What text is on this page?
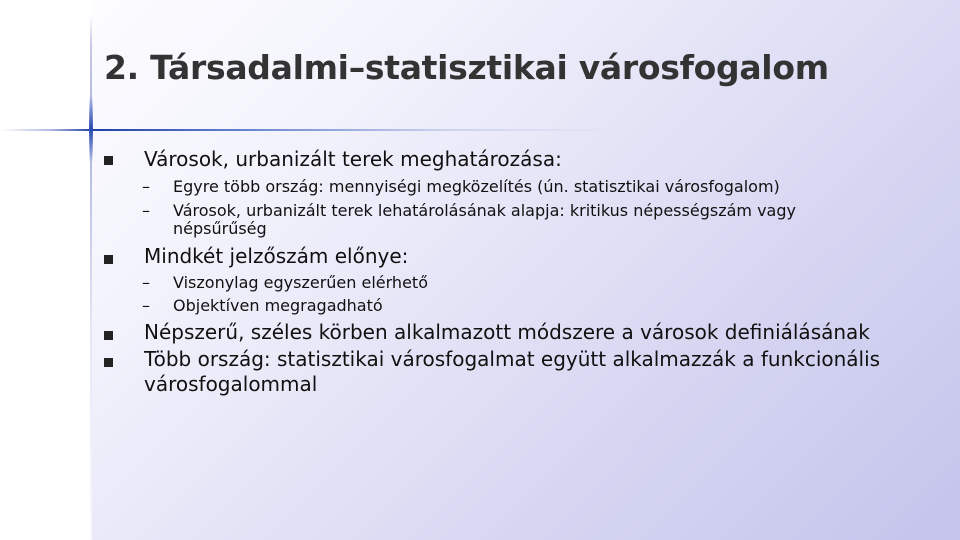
2. Társadalmi–statisztikai városfogalom
Városok, urbanizált terek meghatározása:
– Egyre több ország: mennyiségi megközelítés (ún. statisztikai városfogalom)
– Városok, urbanizált terek lehatárolásának alapja: kritikus népességszám vagy
népsűrűség
Mindkét jelzőszám előnye:
– Viszonylag egyszerűen elérhető
– Objektíven megragadható
Népszerű, széles körben alkalmazott módszere a városok definiálásának
Több ország: statisztikai városfogalmat együtt alkalmazzák a funkcionális
városfogalommal
